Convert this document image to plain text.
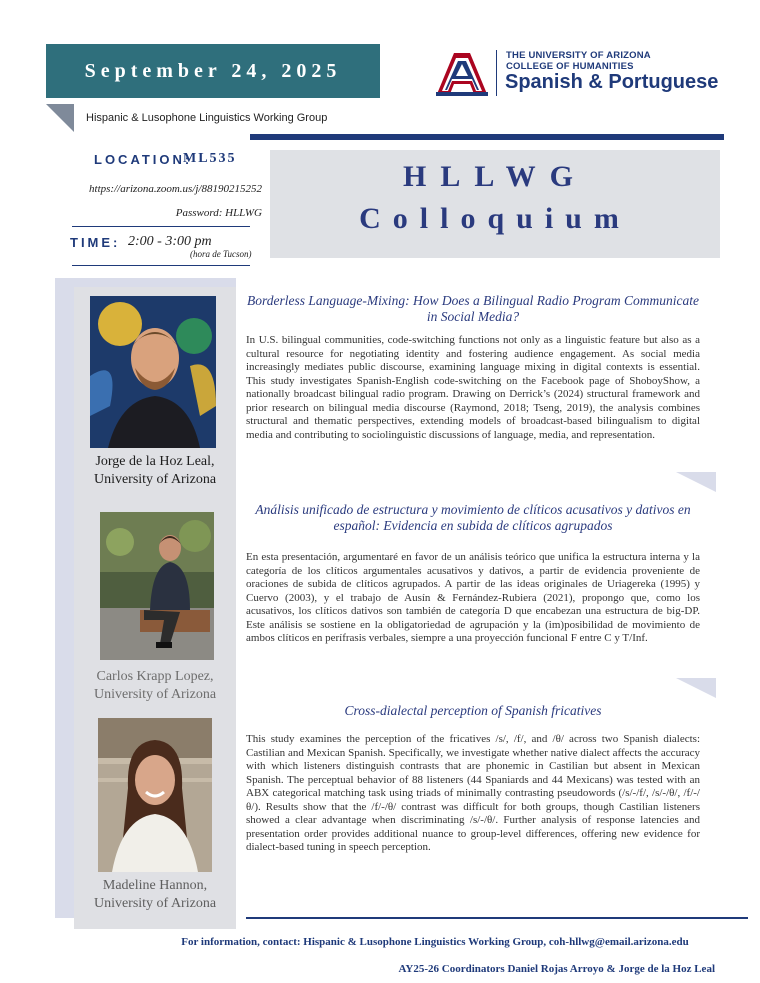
September 24, 2025
Hispanic & Lusophone Linguistics Working Group
THE UNIVERSITY OF ARIZONA
COLLEGE OF HUMANITIES
Spanish & Portuguese
LOCATION:
ML535
https://arizona.zoom.us/j/88190215252
Password: HLLWG
TIME: 2:00 - 3:00 pm
(hora de Tucson)
HLLWG
Colloquium
Jorge de la Hoz Leal,
University of Arizona
Carlos Krapp Lopez,
University of Arizona
Madeline Hannon,
University of Arizona
Borderless Language-Mixing: How Does a Bilingual Radio Program Communicate in Social Media?
In U.S. bilingual communities, code-switching functions not only as a linguistic feature but also as a cultural resource for negotiating identity and fostering audience engagement. As social media increasingly mediates public discourse, examining language mixing in digital contexts is essential. This study investigates Spanish-English code-switching on the Facebook page of ShoboyShow, a nationally broadcast bilingual radio program. Drawing on Derrick’s (2024) structural framework and prior research on bilingual media discourse (Raymond, 2018; Tseng, 2019), the analysis combines structural and thematic perspectives, extending models of broadcast-based bilingualism to digital media and contributing to sociolinguistic discussions of language, media, and representation.
Análisis unificado de estructura y movimiento de clíticos acusativos y dativos en español: Evidencia en subida de clíticos agrupados
En esta presentación, argumentaré en favor de un análisis teórico que unifica la estructura interna y la categoría de los clíticos argumentales acusativos y dativos, a partir de evidencia proveniente de oraciones de subida de clíticos agrupados. A partir de las ideas originales de Uriagereka (1995) y Cuervo (2003), y el trabajo de Ausín & Fernández-Rubiera (2021), propongo que, como los acusativos, los clíticos dativos son también de categoría D que encabezan una estructura de big-DP. Este análisis se sostiene en la obligatoriedad de agrupación y la (im)posibilidad de movimiento de ambos clíticos en perífrasis verbales, siempre a una proyección funcional F entre C y T/Inf.
Cross-dialectal perception of Spanish fricatives
This study examines the perception of the fricatives /s/, /f/, and /θ/ across two Spanish dialects: Castilian and Mexican Spanish. Specifically, we investigate whether native dialect affects the accuracy with which listeners distinguish contrasts that are phonemic in Castilian but absent in Mexican Spanish. The perceptual behavior of 88 listeners (44 Spaniards and 44 Mexicans) was tested with an ABX categorical matching task using triads of minimally contrasting pseudowords (/s/-/f/, /s/-/θ/, /f/-/θ/). Results show that the /f/-/θ/ contrast was difficult for both groups, though Castilian listeners showed a clear advantage when discriminating /s/-/θ/. Further analysis of response latencies and presentation order provides additional nuance to group-level differences, offering new evidence for dialect-based tuning in speech perception.
For information, contact: Hispanic & Lusophone Linguistics Working Group, coh-hllwg@email.arizona.edu
AY25-26 Coordinators Daniel Rojas Arroyo & Jorge de la Hoz Leal
